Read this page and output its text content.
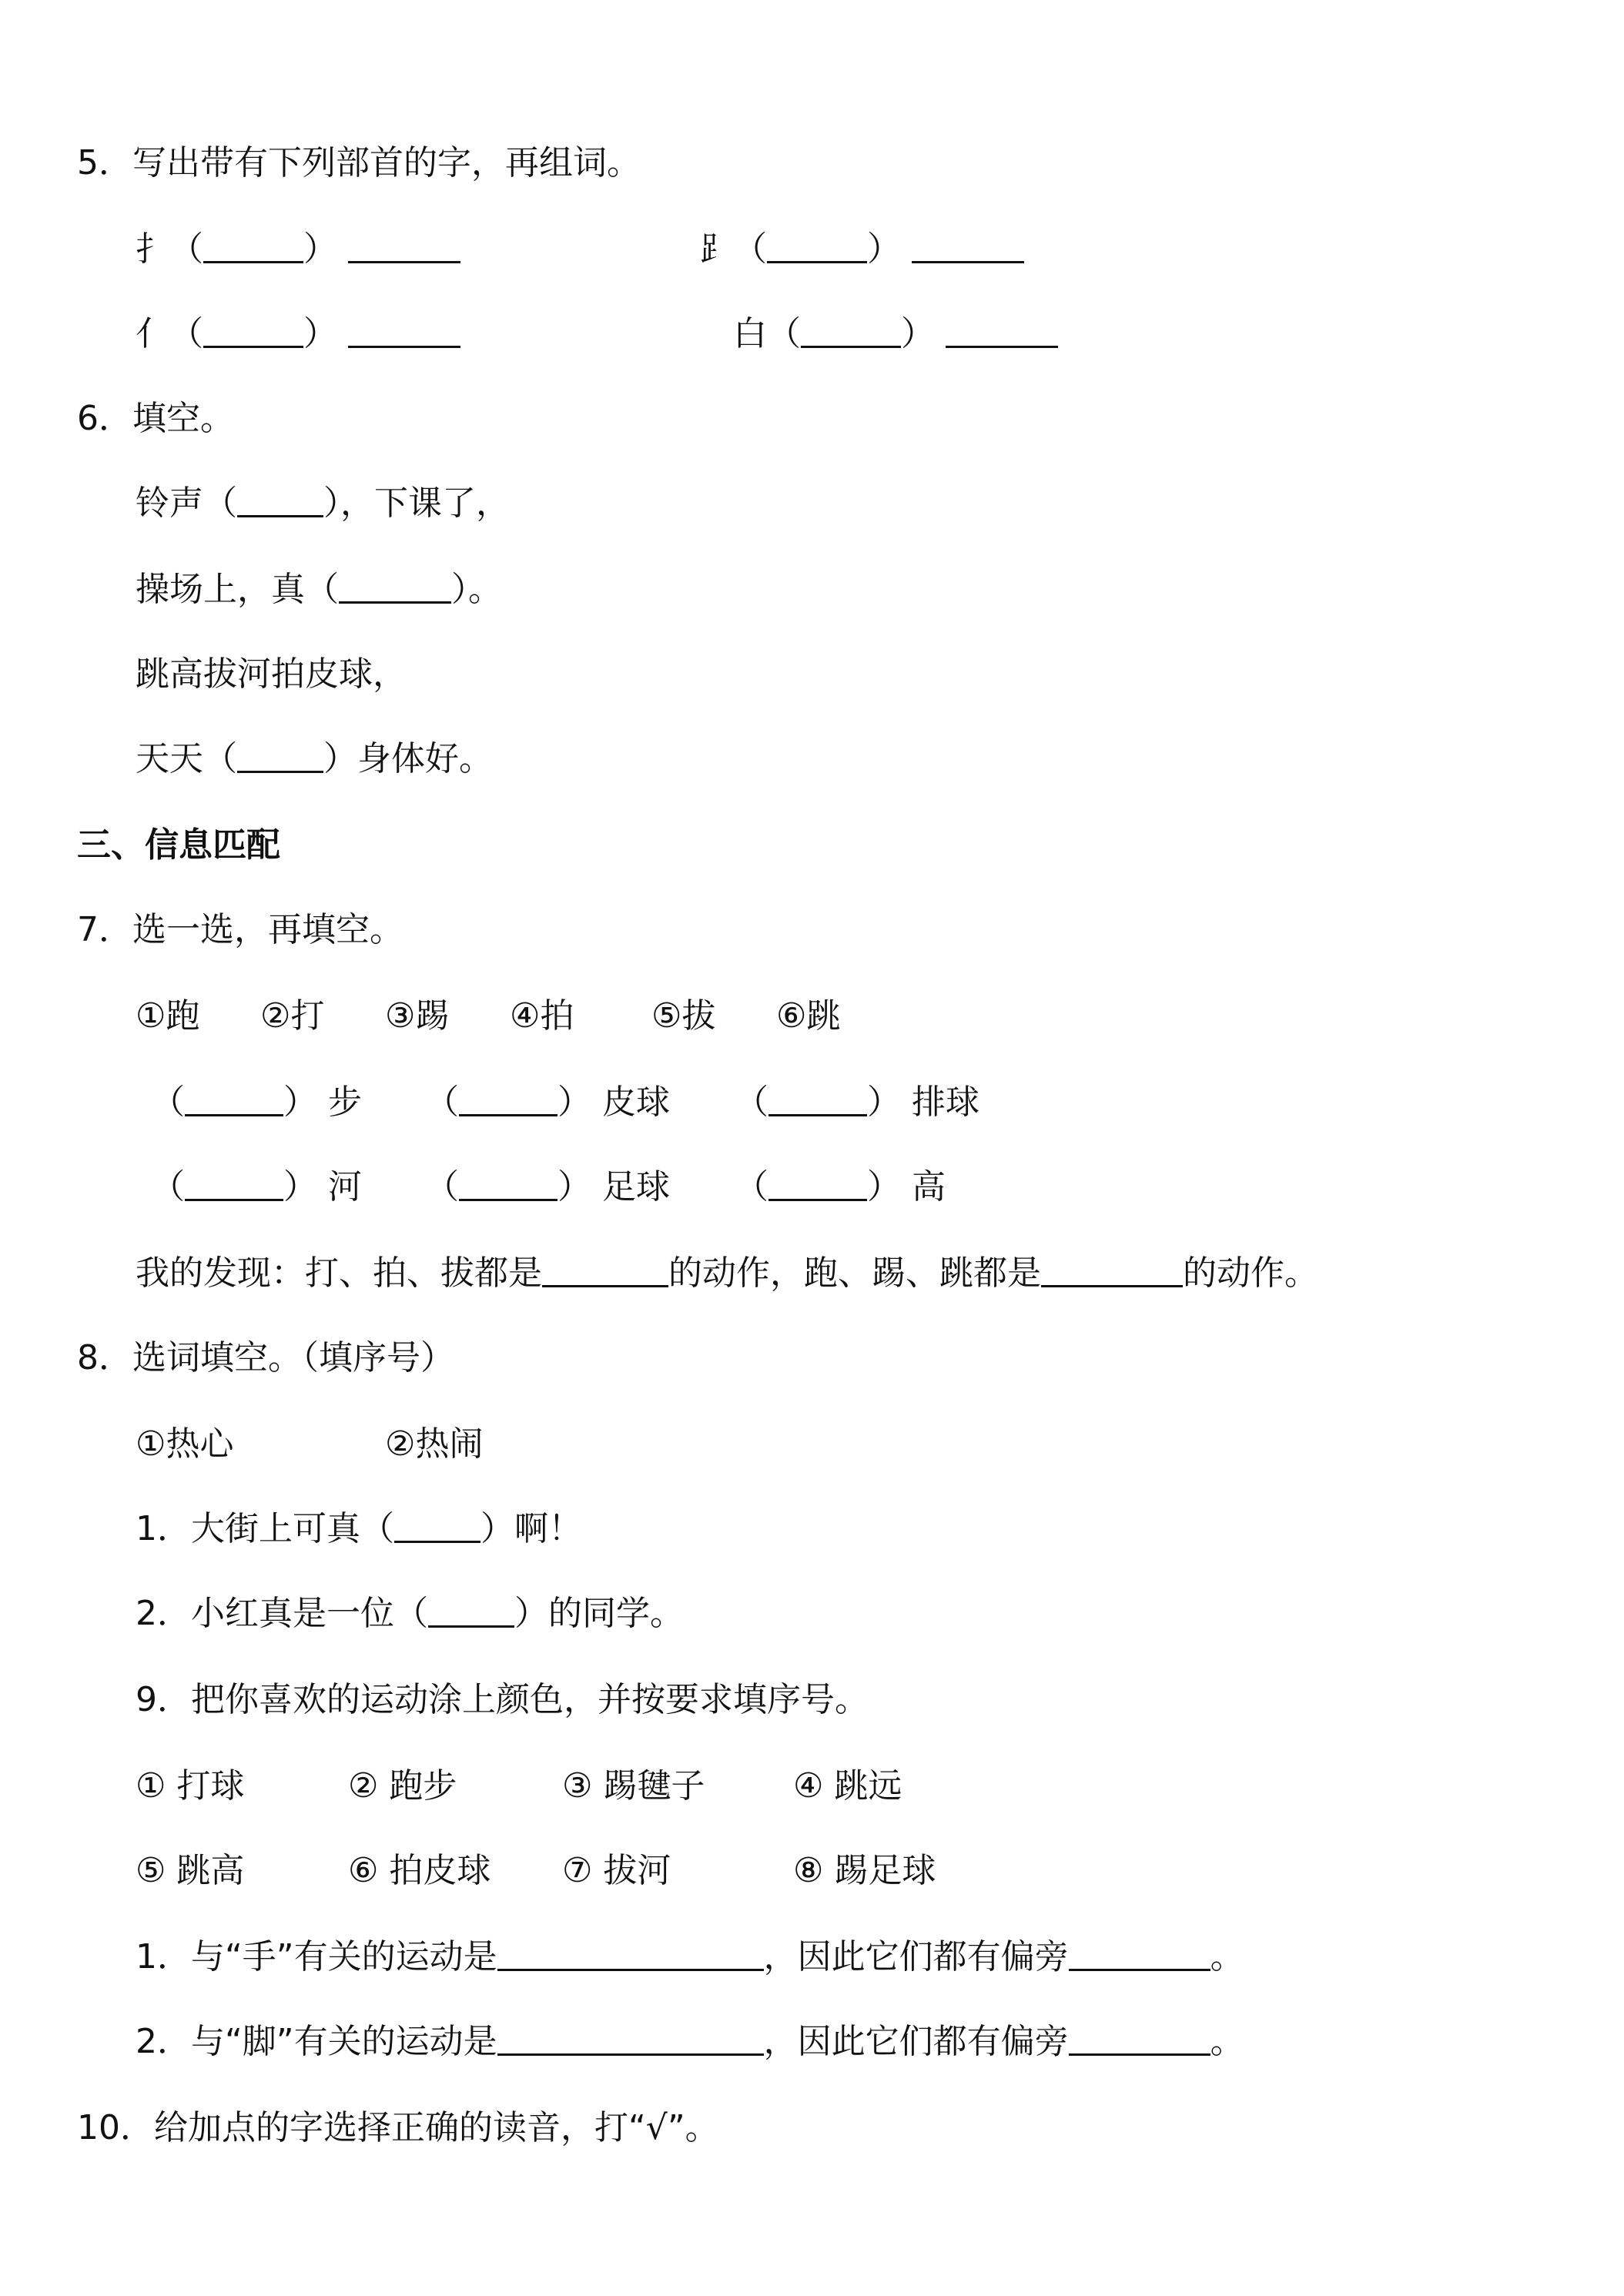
5．写出带有下列部首的字，再组词。
扌（	）	⻊（	）
亻（	）	白（	）
6．填空。
铃声（	），下课了，
操场上，真（	）。
跳高拔河拍皮球，
天天（	）身体好。
三、信息匹配
7．选一选，再填空。
①跑 ②打 ③踢 ④拍 ⑤拔 ⑥跳
（	） 步 （	） 皮球 （	） 排球
（	） 河 （	） 足球 （	） 高
我的发现：打、拍、拔都是	的动作，跑、踢、跳都是	的动作。
8．选词填空。（填序号）
①热心	②热闹
1．大街上可真（	）啊！
2．小红真是一位（	）的同学。
9．把你喜欢的运动涂上颜色，并按要求填序号。
① 打球	② 跑步	③ 踢毽子	④ 跳远
⑤ 跳高	⑥ 拍皮球 ⑦ 拔河	⑧ 踢足球
1．与“手”有关的运动是	，因此它们都有偏旁	。
2．与“脚”有关的运动是	，因此它们都有偏旁	。
10．给加点的字选择正确的读音，打“√”。
